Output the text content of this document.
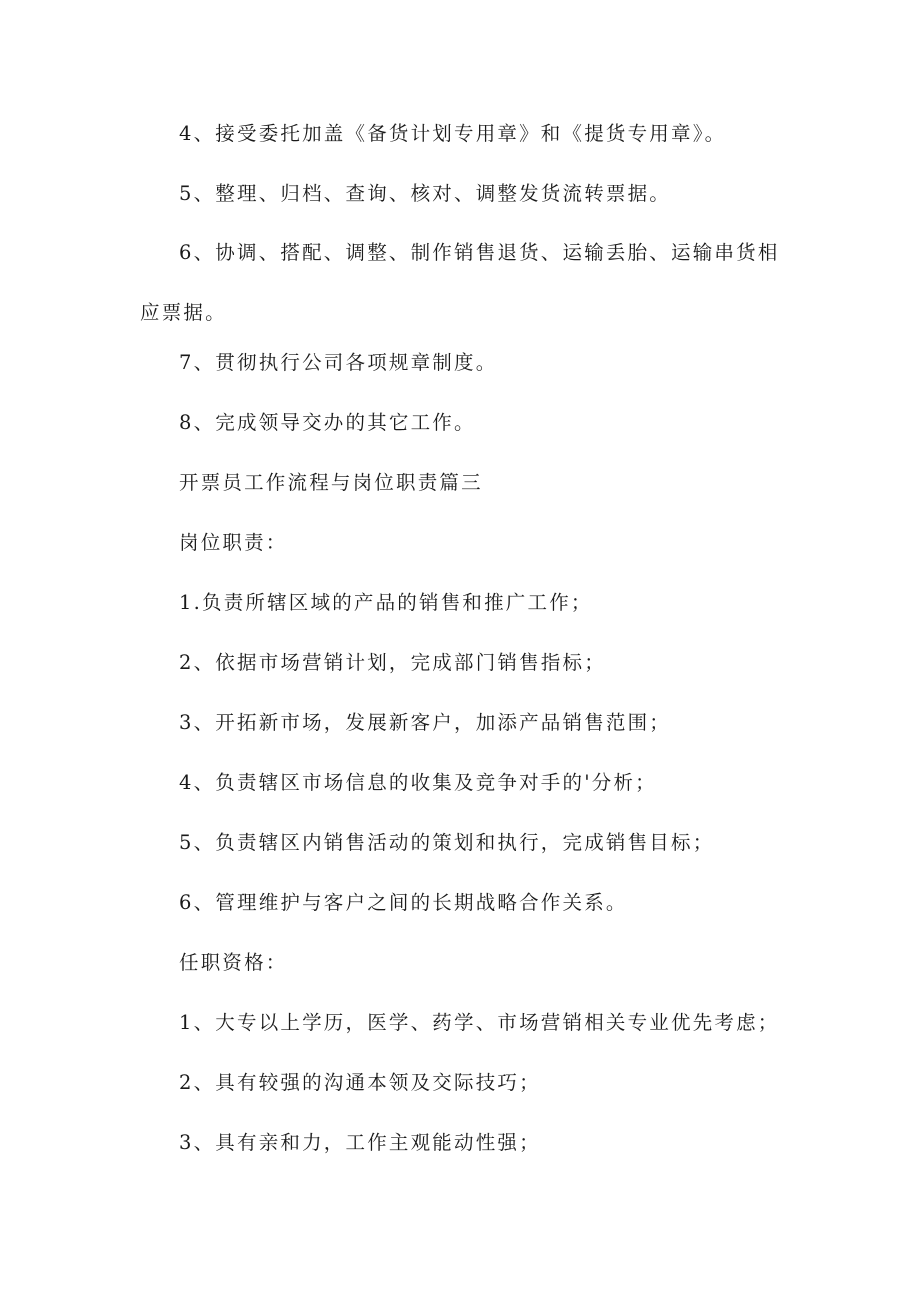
4、接受委托加盖《备货计划专用章》和《提货专用章》。

5、整理、归档、查询、核对、调整发货流转票据。

6、协调、搭配、调整、制作销售退货、运输丢胎、运输串货相应票据。

7、贯彻执行公司各项规章制度。

8、完成领导交办的其它工作。

开票员工作流程与岗位职责篇三

岗位职责：

1.负责所辖区域的产品的销售和推广工作；

2、依据市场营销计划，完成部门销售指标；

3、开拓新市场，发展新客户，加添产品销售范围；

4、负责辖区市场信息的收集及竞争对手的'分析；

5、负责辖区内销售活动的策划和执行，完成销售目标；

6、管理维护与客户之间的长期战略合作关系。

任职资格：

1、大专以上学历，医学、药学、市场营销相关专业优先考虑；

2、具有较强的沟通本领及交际技巧；

3、具有亲和力，工作主观能动性强；
